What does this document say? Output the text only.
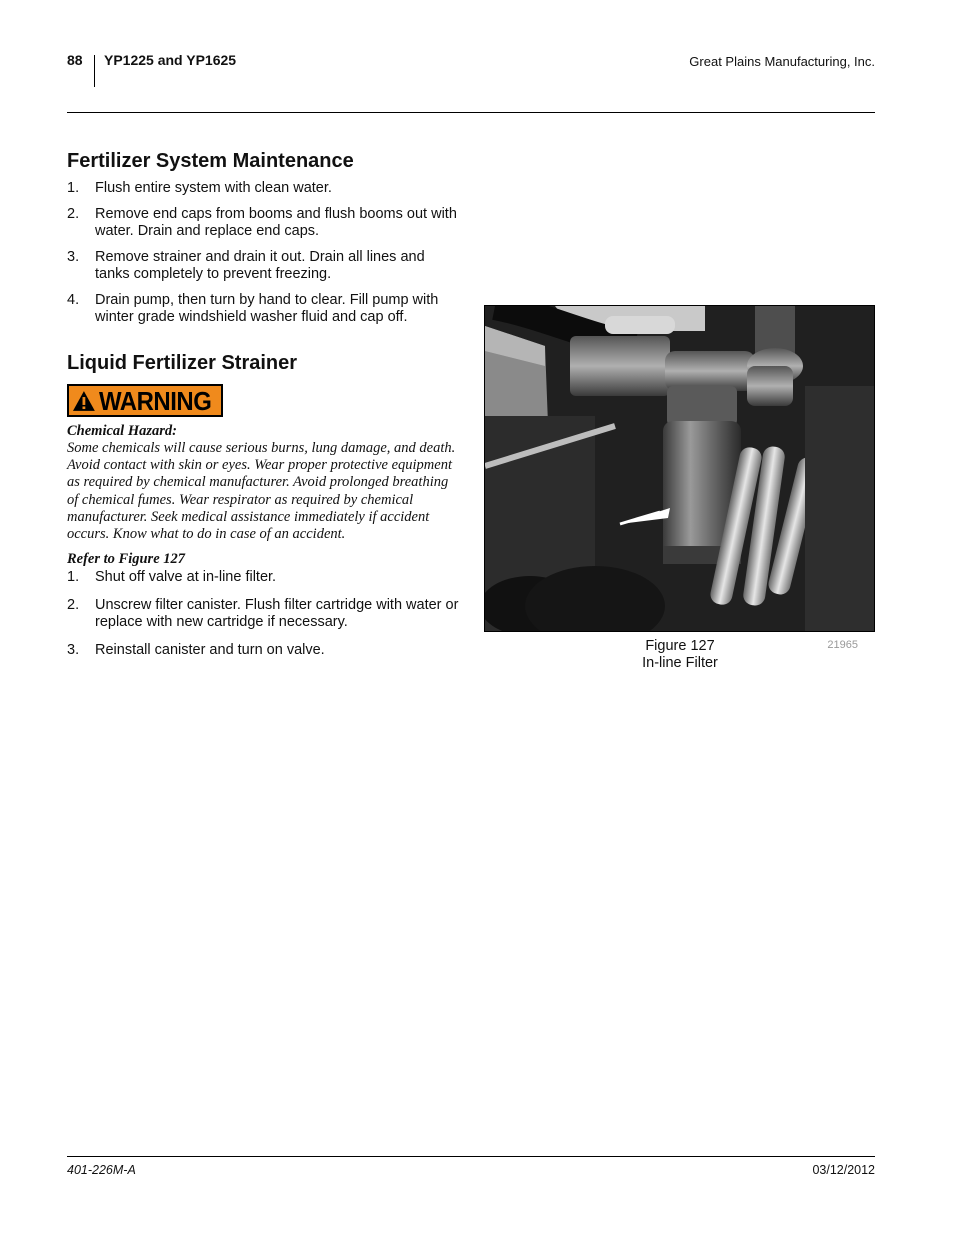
88 YP1225 and YP1625	Great Plains Manufacturing, Inc.
Fertilizer System Maintenance
1. Flush entire system with clean water.
2. Remove end caps from booms and flush booms out with water. Drain and replace end caps.
3. Remove strainer and drain it out. Drain all lines and tanks completely to prevent freezing.
4. Drain pump, then turn by hand to clear. Fill pump with winter grade windshield washer fluid and cap off.
Liquid Fertilizer Strainer
WARNING
Chemical Hazard:

Some chemicals will cause serious burns, lung damage, and death. Avoid contact with skin or eyes. Wear proper protective equipment as required by chemical manufacturer. Avoid prolonged breathing of chemical fumes. Wear respirator as required by chemical manufacturer. Seek medical assistance immediately if accident occurs. Know what to do in case of an accident.

Refer to Figure 127
1. Shut off valve at in-line filter.
2. Unscrew filter canister. Flush filter cartridge with water or replace with new cartridge if necessary.
3. Reinstall canister and turn on valve.	Figure 127
In-line Filter
21965
401-226M-A	03/12/2012
